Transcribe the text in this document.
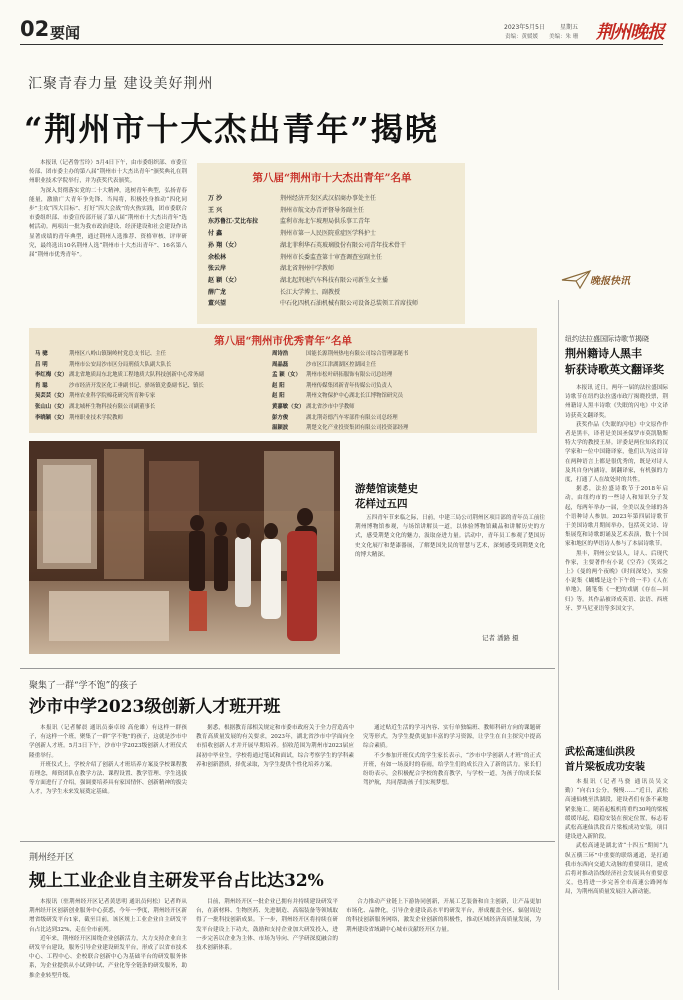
02 要闻	2023年5月5日	星期五
责编：黄媛媛 美编：朱 珊 荆州晚报
汇聚青春力量 建设美好荆州
“荆州市十大杰出青年”揭晓

本报讯（记者鲁雪玲）5月4日下午，由市委组织部、市委宣传部、团市委主办的第八届“荆州市十大杰出青年”颁奖典礼在荆州职业技术学院举行，并为获奖代表颁奖。

为深入贯彻落实党的二十大精神，选树青年典型，弘扬青春能量，激励广大青年争先锋、当闯将，积极投身推动“四化同步”主攻“四大目标”、打好“四大会战”的火热实践，团市委联合市委组织部、市委宣传部开展了第八届“荆州市十大杰出青年”选树活动。两项出一批为我市政治建设、经济建设和社会建设作出显著成绩的青年典型，通过荆州人选推荐、资格审核、评审研究，最终选出10名荆州人选“荆州市十大杰出青年”、16名第八届“荆州市优秀青年”。

第八届“荆州市十大杰出青年”名单
万 沙	荆州经济开发区武汉招商办事处主任
王 兴	荆州市航文办青评督导务副主任
东苏鲁江·艾比布拉	监利市海北乍坡理局供乐事工青年
付 鑫	荆州市第一人民医院重症医学科护士
孙 翔（女）	湖北菲利华石英玻璃股份有限公司青年技术骨干
余松林	荆州市长委监查第十审查调查室副主任
张云岸	湖北省荆州中学教师
赵 颖（女）	湖北起荆速汽车科技有限公司新生女主播
薛广龙	长江大学博士、副教授
董兴望	中石化四机石油机械有限公司设备总装领工首席技师
晚报快讯
第八届“荆州市优秀青年”名单
马 骢	荆州区八岭山镇铜岭村党总支书记、主任
吕 明	荆州市公安局沙市区分局刑侦大队副大队长
李红梅（女） 湖北省地质局东北地质工程地质大队科技创新中心常务副
肖 聪	沙市经济开发区化工垂副书记、驿场镇党委副书记、镇长
吴芸芸（女） 荆州农业科学院棉花研究所育种专家
张山山（女） 湖北城杯生物科技有限公司副董事长
李晓颖（女） 荆州职业技术学院教师
周诗浩	国能长源荆州热电有限公司综合管理部秘书
周晶磊	沙市区江津湖湖区控湖园主任
孟 颖（女） 荆州市松叶研拓服饰有限公司总经理
赵 阳	荆州传媒集团新青年传媒公司负责人
赵 阳	荆州文物保护中心湖北长江博物馆研究员
黄嘉敏（女） 湖北省沙市中学教师
彭方俊	湖北荆奇德汽车零部件有限公司总经理
温颖波	荆楚文化产业投资集团有限公司投资部经理
纽约法拉盛国际诗歌节揭晓
荆州籍诗人黑丰
斩获诗歌英文翻译奖

本报讯 近日，两年一届的法拉盛国际诗歌节在纽约法拉盛市政厅揭晓投票，荆州籍诗人黑丰诗歌《失眠的闪电》中文译诗获英文翻译奖。

获奖作品《失眠的闪电》中文原作作者是黑丰，译者是美国圣保罗市莫凯勒斯特大学的教授王屏。评委是两位知名的汉学家和一位中国籍译家，他们认为这首诗在两种语言上都是很优秀的，既是对诗人及其自身内涵诗，制翻译家，有机强的力度，打通了人在故处时的共性。

据悉，法拉盛诗歌节于2018年启动，由纽约市的一些诗人和知识分子发起，每两年举办一届，全美以及全球的各个语种诗人参加。2023年第四届诗歌节于美国诗歌月期间举办，包括英文诗、诗集展览和诗歌朗诵及艺术表演，数十个国家和地区的华语诗人参与了本届诗歌节。

黑丰，荆州公安县人，诗人、后现代作家，主要著作有小说《空乔》《笑郊之上》《曼的两个夜晚》《时间深处》，实验小说集《蝴蝶是这个下午的一半》《人在单地》，随笔集《一把的戏剧《存在—回归》等。其作品被译成英语、法语、西班牙、罗马尼亚语等多国文字。

游楚馆读楚史
花样过五四

五四青年节来临之际，日前，中建三局公司荆州区项目部的青年员工前往荆州博物馆参观，与场馆讲解员一道，以体验博物馆藏品和讲解历史的方式，感受荆楚文化的魅力，汲取奋进力量。活动中，青年员工参观了楚国历史文化展厅和楚漆器展，了解楚国先民的智慧与艺术，深刻感受到荆楚文化的博大精深。

记者 潘路 摄
聚集了一群“学不饱”的孩子
沙市中学2023级创新人才班开班

本报讯（记者解晨 通讯员秦卓琼 高伦雄）有这样一群孩子，有这样一个班，聚集了一群“学不饱”的孩子，这就是沙市中学创新人才班。5月3日下午，沙市中学2023级创新人才班仪式隆重举行。

开班仪式上，学校介绍了创新人才班培养方案及学校课程教育理念，师资团队在教学方法、课程设置、教学管理、学生选拔等方面进行了介绍，强调要培养具有家国情怀、创新精神的拔尖人才，为学生未来发展奠定基础。

据悉，根据教育部相关规定和市委市政府关于全力营造高中教育高质量发展的有关要求，2023年，湖北省沙市中学面向全市招收创新人才并开展早期培养。招收范围为荆州市2023届应届初中毕业生，学校将通过笔试和面试，综合考察学生的学科素养和创新潜质，择优录取，为学生提供个性化培养方案。

通过贴近生活的学习内容、实行单独编班、教师科研方向的课题研究等形式，为学生提供更加丰富的学习资源，让学生在自主探究中提高综合素质。

不少参加开班仪式的学生家长表示，“沙市中学创新人才班”的正式开班，有如一场及时的春雨，给学生们的成长注入了新的活力。家长们纷纷表示，会积极配合学校的教育教学，与学校一道，为孩子的成长保驾护航，共同帮助孩子们实现梦想。

武松高速仙洪段
首片梁板成功安装

本报讯（记者马骁 通讯员吴文勤）“向右1公分，慢慢……”近日，武松高速仙桃至洪湖段，建设者们有条不紊地紧张施工。随着起板机将重约30吨的梁板缓缓吊起，稳稳安装在预定位置，标志着武松高速仙洪段首片梁板成功安装，项目建设进入新阶段。

武松高速是湖北省“十四五”期间“九纵五横三环”中重要的联络通道，是打通我市东西向交通大动脉的重要项目，建成后将对推动沿线经济社会发展具有重要意义，也将进一步完善全市高速公路网布局，为荆州高质量发展注入新动能。

荆州经开区
规上工业企业自主研发平台占比达32%

本报讯（驻荆州经开区记者黄思明 通讯员何松）记者昨从荆州经开区创新创业服务中心获悉，今年一季度，荆州经开区新增省级研发平台1家，截至目前，该区规上工业企业自主研发平台占比达到32%，走在全市前列。

近年来，荆州经开区围绕企业创新活力，大力支持企业自主研发平台建设，服务引导企业建设研发平台，形成了以省市技术中心、工程中心、企校联合创新中心为基础平台的研发服务体系，为企业提供从小试到中试、产业化等全链条的研发服务，助推企业转型升级。

目前，荆州经开区一批企业已拥有并持续建设研发平台，在新材料、生物医药、先进制造、高端装备等领域取得了一批科技创新成果。下一步，荆州经开区将持续在研发平台建设上下功夫，鼓励和支持企业加大研发投入，进一步完善以企业为主体、市场为导向、产学研深度融合的技术创新体系。

合力推动产业链上下游协同创新，开展工艺装备和自主创新，让产品更加市场化、品牌化，引导企业建设高水平的研发平台，形成覆盖全区、辐射周边的科技创新服务网络，激发企业创新的积极性，推动区域经济高质量发展，为荆州建设省域副中心城市贡献经开区力量。
